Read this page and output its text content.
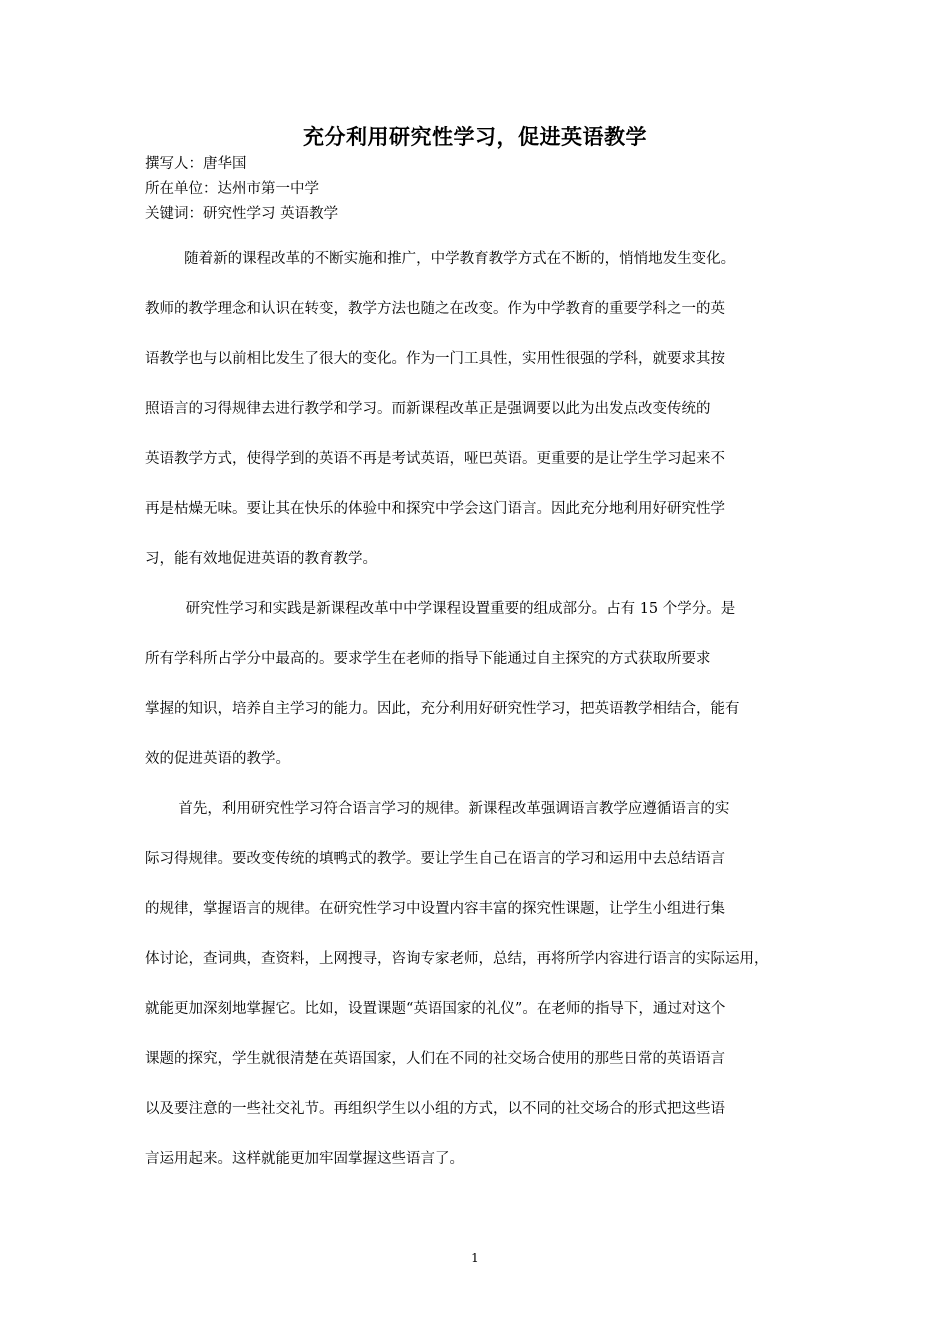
充分利用研究性学习，促进英语教学
撰写人：唐华国
所在单位：达州市第一中学
关键词：研究性学习 英语教学
随着新的课程改革的不断实施和推广，中学教育教学方式在不断的，悄悄地发生变化。
教师的教学理念和认识在转变，教学方法也随之在改变。作为中学教育的重要学科之一的英
语教学也与以前相比发生了很大的变化。作为一门工具性，实用性很强的学科，就要求其按
照语言的习得规律去进行教学和学习。而新课程改革正是强调要以此为出发点改变传统的
英语教学方式，使得学到的英语不再是考试英语，哑巴英语。更重要的是让学生学习起来不
再是枯燥无味。要让其在快乐的体验中和探究中学会这门语言。因此充分地利用好研究性学
习，能有效地促进英语的教育教学。
研究性学习和实践是新课程改革中中学课程设置重要的组成部分。占有 15 个学分。是
所有学科所占学分中最高的。要求学生在老师的指导下能通过自主探究的方式获取所要求
掌握的知识，培养自主学习的能力。因此，充分利用好研究性学习，把英语教学相结合，能有
效的促进英语的教学。
首先，利用研究性学习符合语言学习的规律。新课程改革强调语言教学应遵循语言的实
际习得规律。要改变传统的填鸭式的教学。要让学生自己在语言的学习和运用中去总结语言
的规律，掌握语言的规律。在研究性学习中设置内容丰富的探究性课题，让学生小组进行集
体讨论，查词典，查资料，上网搜寻，咨询专家老师，总结，再将所学内容进行语言的实际运用，
就能更加深刻地掌握它。比如，设置课题“英语国家的礼仪”。在老师的指导下，通过对这个
课题的探究，学生就很清楚在英语国家，人们在不同的社交场合使用的那些日常的英语语言
以及要注意的一些社交礼节。再组织学生以小组的方式，以不同的社交场合的形式把这些语
言运用起来。这样就能更加牢固掌握这些语言了。
1
